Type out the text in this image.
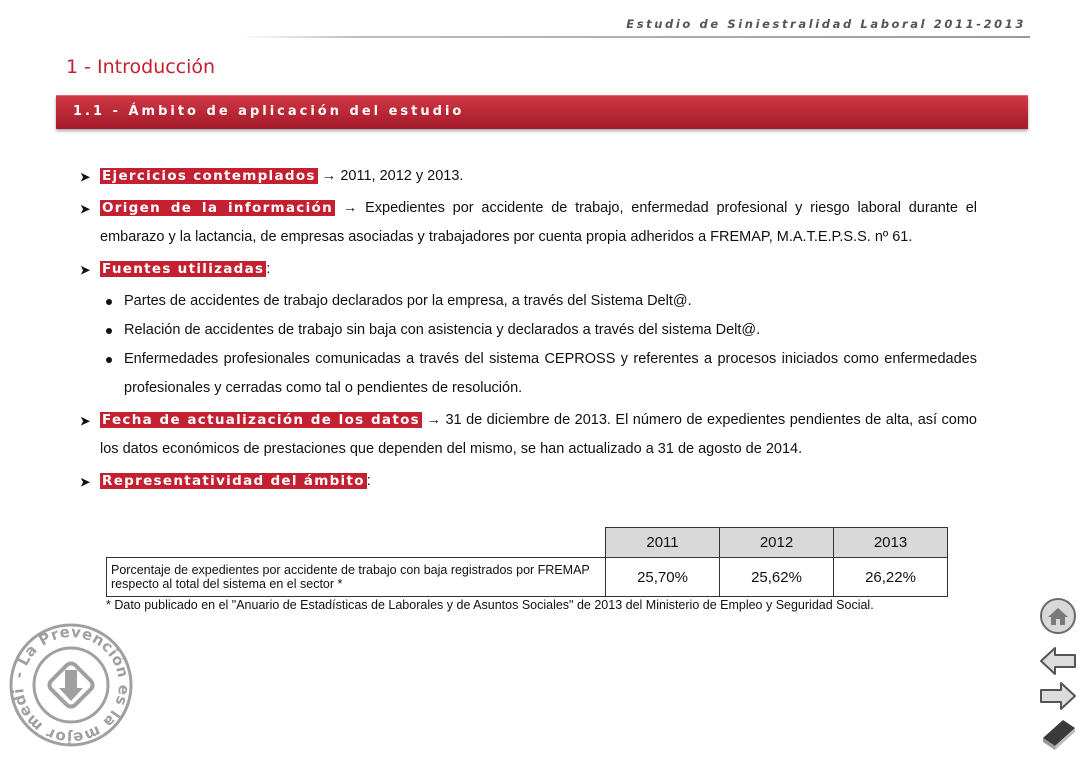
Estudio de Siniestralidad Laboral 2011-2013
1 - Introducción
1.1 - Ámbito de aplicación del estudio
➤ Ejercicios contemplados → 2011, 2012 y 2013.
➤ Origen de la información → Expedientes por accidente de trabajo, enfermedad profesional y riesgo laboral durante el embarazo y la lactancia, de empresas asociadas y trabajadores por cuenta propia adheridos a FREMAP, M.A.T.E.P.S.S. nº 61.
➤ Fuentes utilizadas :
Partes de accidentes de trabajo declarados por la empresa, a través del Sistema Delt@.
Relación de accidentes de trabajo sin baja con asistencia y declarados a través del sistema Delt@.
Enfermedades profesionales comunicadas a través del sistema CEPROSS y referentes a procesos iniciados como enfermedades profesionales y cerradas como tal o pendientes de resolución.
➤ Fecha de actualización de los datos → 31 de diciembre de 2013. El número de expedientes pendientes de alta, así como los datos económicos de prestaciones que dependen del mismo, se han actualizado a 31 de agosto de 2014.
➤ Representatividad del ámbito :
	2011	2012	2013
Porcentaje de expedientes por accidente de trabajo con baja registrados por FREMAP respecto al total del sistema en el sector *	25,70%	25,62%	26,22%
* Dato publicado en el "Anuario de Estadísticas de Laborales y de Asuntos Sociales" de 2013 del Ministerio de Empleo y Seguridad Social.
- La Prevención es la mejor medi
